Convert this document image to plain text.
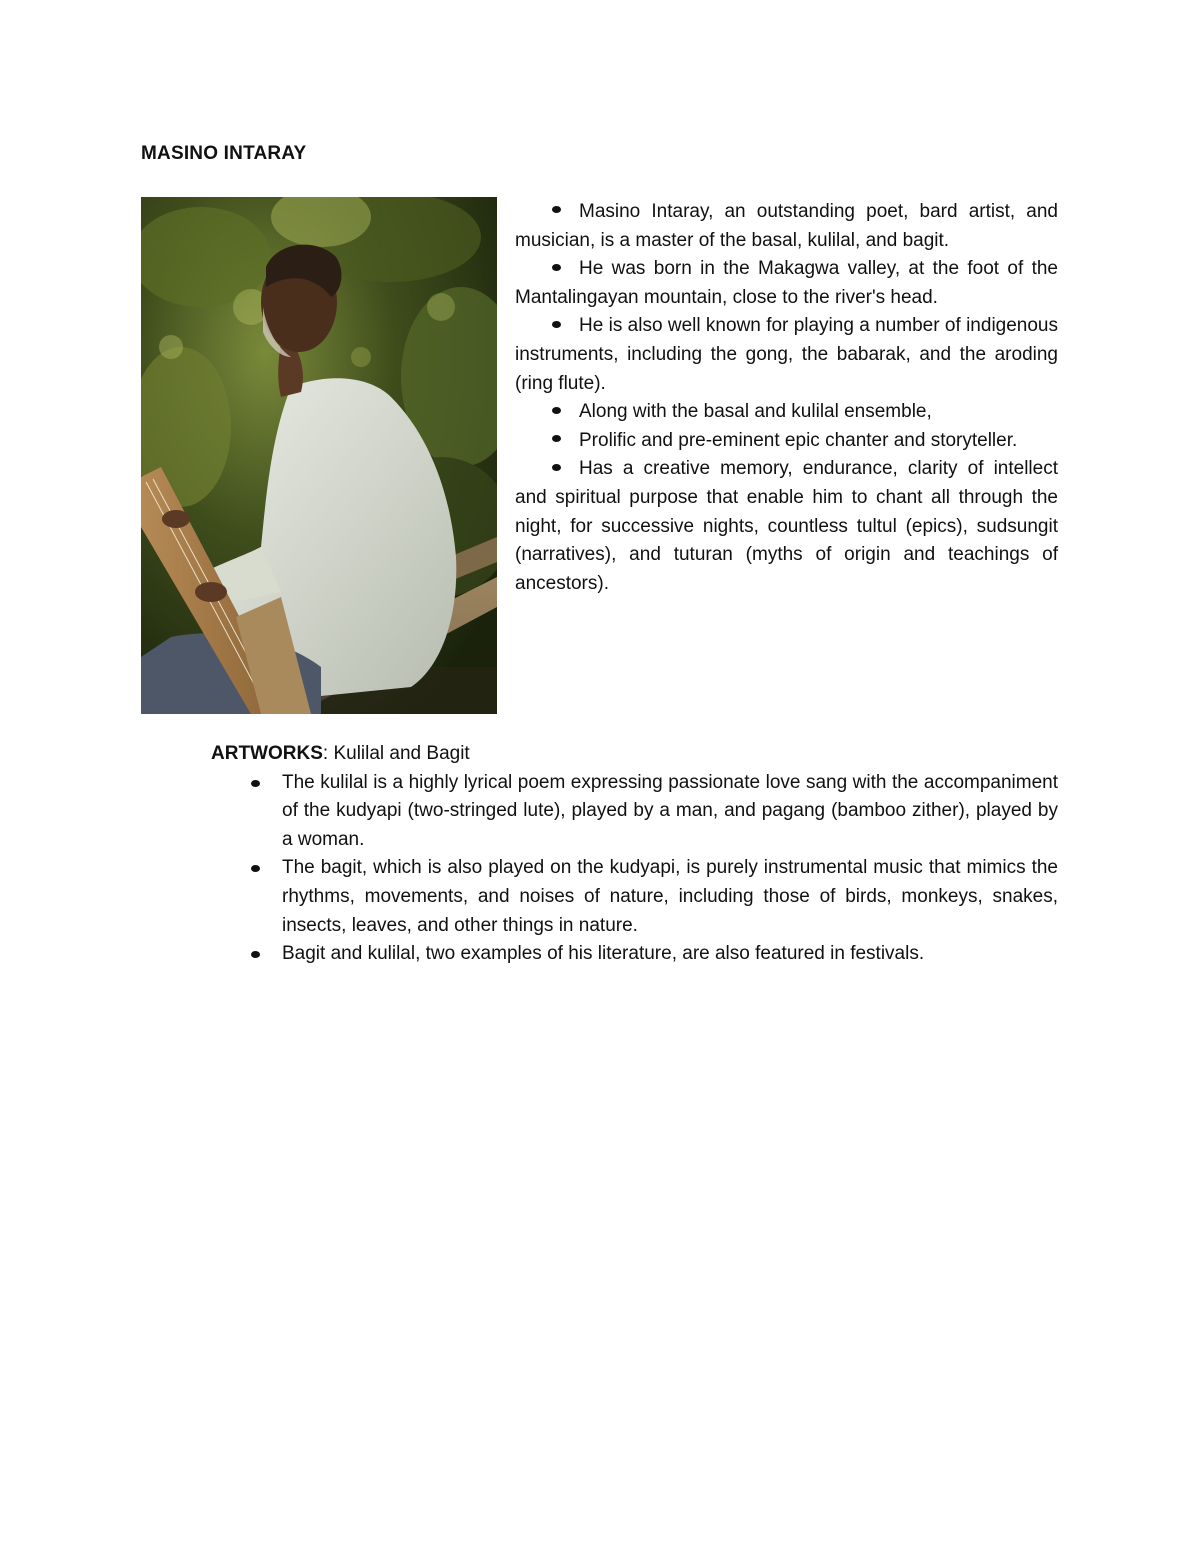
MASINO INTARAY

Masino Intaray, an outstanding poet, bard artist, and musician, is a master of the basal, kulilal, and bagit.

He was born in the Makagwa valley, at the foot of the Mantalingayan mountain, close to the river's head.

He is also well known for playing a number of indigenous instruments, including the gong, the babarak, and the aroding (ring flute).

Along with the basal and kulilal ensemble,

Prolific and pre-eminent epic chanter and storyteller.

Has a creative memory, endurance, clarity of intellect and spiritual purpose that enable him to chant all through the night, for successive nights, countless tultul (epics), sudsungit (narratives), and tuturan (myths of origin and teachings of ancestors).

ARTWORKS: Kulilal and Bagit

The kulilal is a highly lyrical poem expressing passionate love sang with the accompaniment of the kudyapi (two-stringed lute), played by a man, and pagang (bamboo zither), played by a woman.
The bagit, which is also played on the kudyapi, is purely instrumental music that mimics the rhythms, movements, and noises of nature, including those of birds, monkeys, snakes, insects, leaves, and other things in nature.
Bagit and kulilal, two examples of his literature, are also featured in festivals.
